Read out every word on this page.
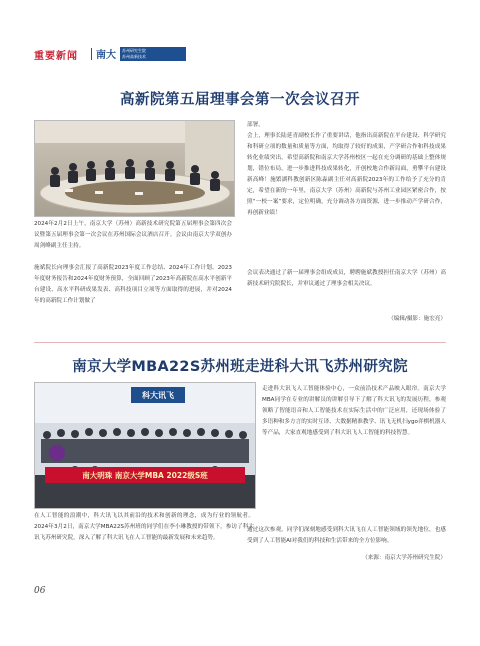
重要新闻 南大 苏州研究生院
苏州高新技术
高新院第五届理事会第一次会议召开

2024年2月2日上午，南京大学（苏州）高新技术研究院第五届理事会第四次会议暨第五届理事会第一次会议在苏州国际会议酒店召开。会议由南京大学双创办周剑峰副主任主持。

施斌院长向理事会汇报了高新院2023年度工作总结、2024年工作计划、2023年度财务报告和2024年度财务预算，全面回顾了2023年高新院在高水平创新平台建设、高水平科研成果发表、高科技项目立项等方面取得的进展，并对2024年的高新院工作计划做了

部署。
会上，理事长陆延青副校长作了重要讲话，他指出高新院在平台建设、科学研究和科研立项的数量和质量等方面，均取得了较好的成果，产学研合作和科技成果转化业绩突出，希望高新院和南京大学苏州校区一起在充分调研的基础上整体规划，错位布局，进一步推进科技成果转化，开创校地合作新局面，勇攀平台建设新高峰！施繁湖科教创新区陈淼副主任对高新院2023年的工作给予了充分的肯定，希望在新的一年里，南京大学（苏州）高新院与苏州工业园区紧密合作，按照“一校一案”要求，定位明确，充分调动各方面资源，进一步推动产学研合作，再创新业绩！

会议表决通过了新一届理事会组成成员，聘聘施斌教授担任南京大学（苏州）高新技术研究院院长，并审议通过了理事会相关决议。

（编辑/摄影：施宏亮）
南京大学MBA22S苏州班走进科大讯飞苏州研究院
科大讯飞
南大明珠 南京大学MBA 2022级S班

在人工智能的浪潮中，科大讯飞以其前沿的技术和创新的理念，成为行业的领航者。2024年3月2日，南京大学MBA22S苏州班的同学们在李小琳教授的带领下，参访了科大讯飞苏州研究院，深入了解了科大讯飞在人工智能的最新发展和未来趋势。

走进科大讯飞人工智能体验中心，一众前沿技术产品映入眼帘。南京大学MBA同学在专业的讲解员的讲解引导下了解了科大讯飞的发展历程，参观领略了智能语音和人工智能技术在实际生活中的广泛应用，还现场体验了多语种和多方言的实时互译、大数据精准教学、讯飞无机扫ygo弈棋机器人等产品，大家直观地感受到了科大讯飞人工智能的科技智慧。

通过这次参观，同学们深刻地感受到科大讯飞在人工智能领域的领先地位，也感受到了人工智能AI对我们的科技和生活带来的全方位影响。

（来源：南京大学苏州研究生院）
06
